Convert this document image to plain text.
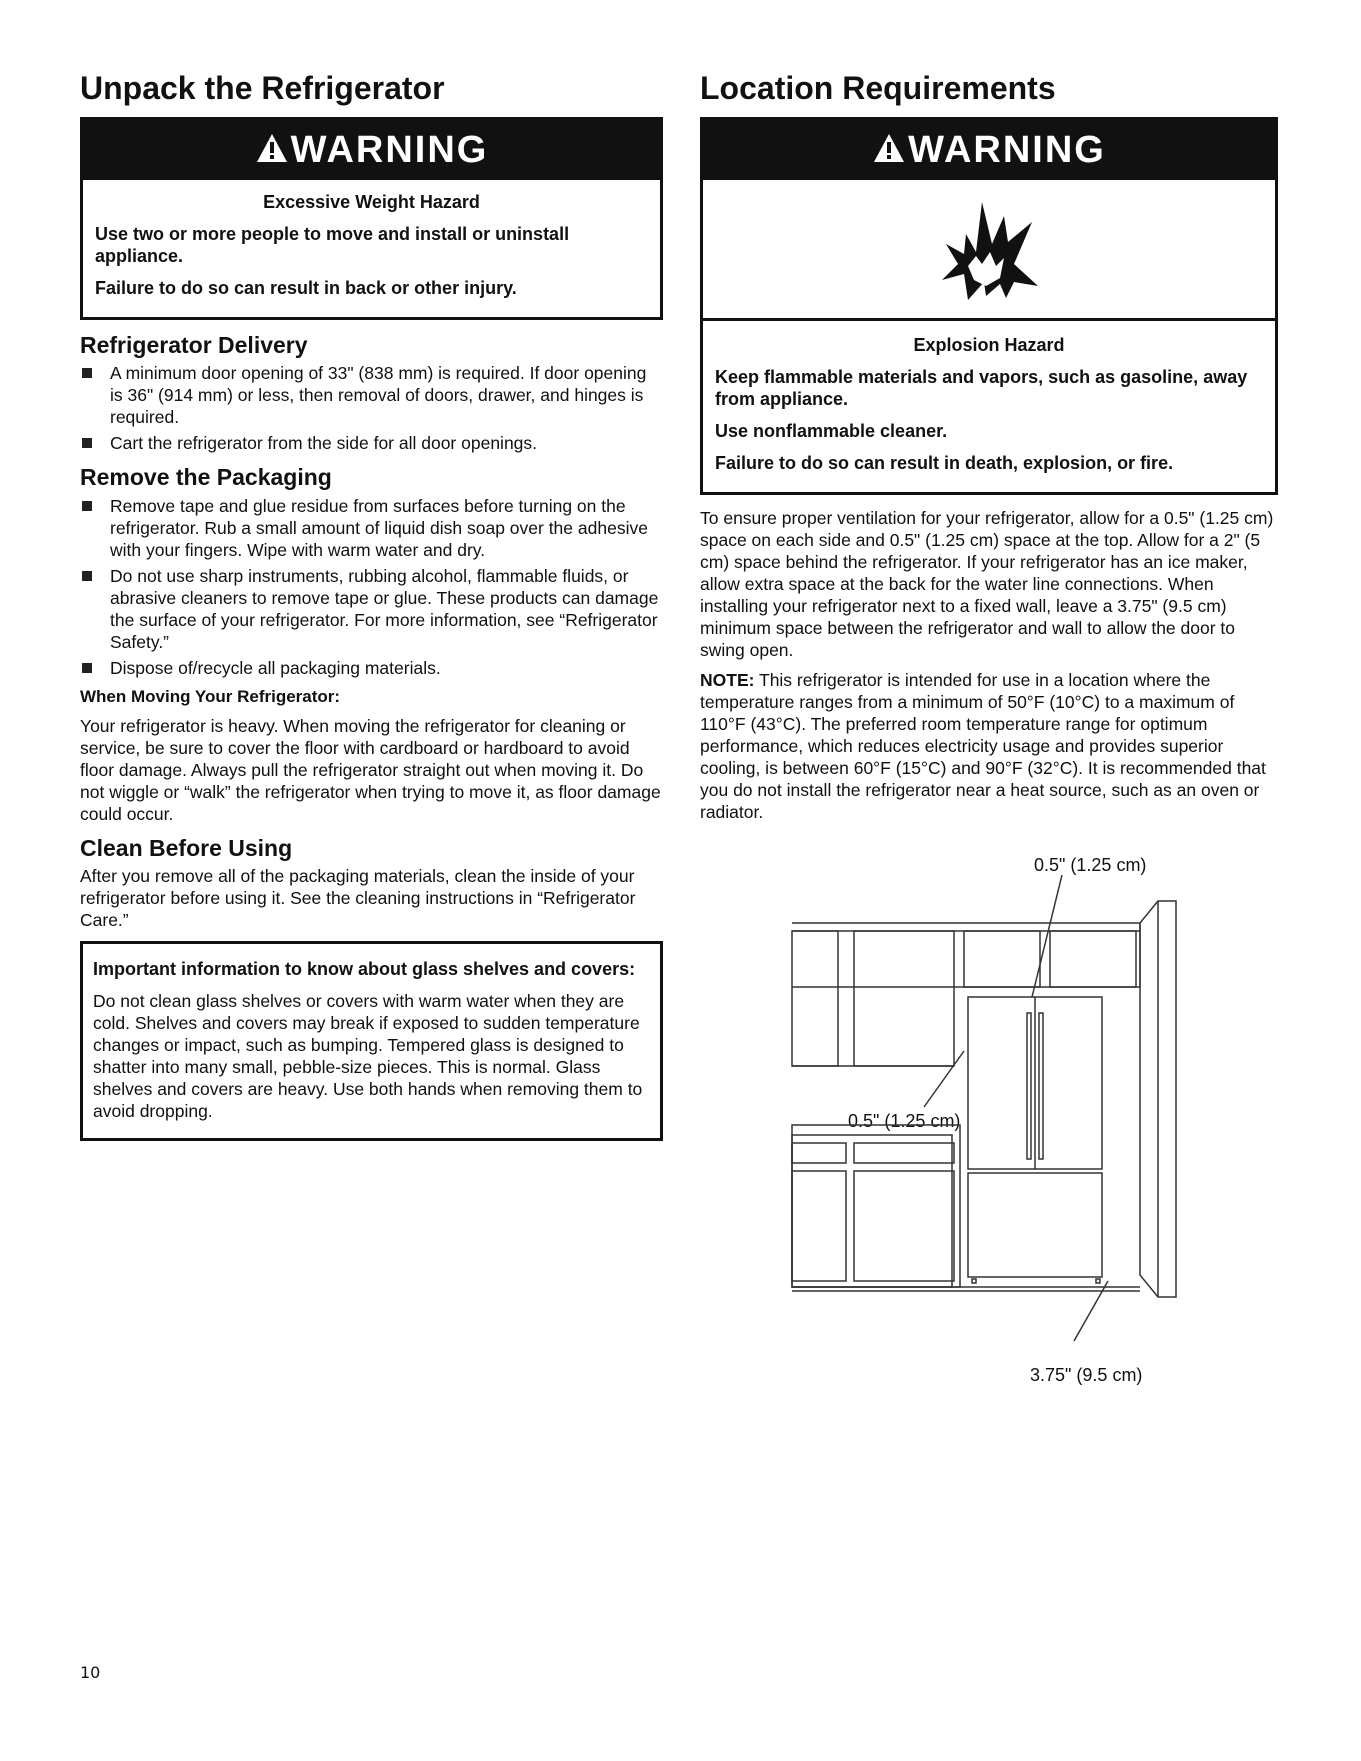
Unpack the Refrigerator
WARNING
Excessive Weight Hazard

Use two or more people to move and install or uninstall appliance.

Failure to do so can result in back or other injury.

Refrigerator Delivery
A minimum door opening of 33" (838 mm) is required. If door opening is 36" (914 mm) or less, then removal of doors, drawer, and hinges is required.
Cart the refrigerator from the side for all door openings.
Remove the Packaging
Remove tape and glue residue from surfaces before turning on the refrigerator. Rub a small amount of liquid dish soap over the adhesive with your fingers. Wipe with warm water and dry.
Do not use sharp instruments, rubbing alcohol, flammable fluids, or abrasive cleaners to remove tape or glue. These products can damage the surface of your refrigerator. For more information, see “Refrigerator Safety.”
Dispose of/recycle all packaging materials.
When Moving Your Refrigerator:

Your refrigerator is heavy. When moving the refrigerator for cleaning or service, be sure to cover the floor with cardboard or hardboard to avoid floor damage. Always pull the refrigerator straight out when moving it. Do not wiggle or “walk” the refrigerator when trying to move it, as floor damage could occur.

Clean Before Using

After you remove all of the packaging materials, clean the inside of your refrigerator before using it. See the cleaning instructions in “Refrigerator Care.”

Important information to know about glass shelves and covers:

Do not clean glass shelves or covers with warm water when they are cold. Shelves and covers may break if exposed to sudden temperature changes or impact, such as bumping. Tempered glass is designed to shatter into many small, pebble-size pieces. This is normal. Glass shelves and covers are heavy. Use both hands when removing them to avoid dropping.

Location Requirements
WARNING
Explosion Hazard

Keep flammable materials and vapors, such as gasoline, away from appliance.

Use nonflammable cleaner.

Failure to do so can result in death, explosion, or fire.

To ensure proper ventilation for your refrigerator, allow for a 0.5" (1.25 cm) space on each side and 0.5" (1.25 cm) space at the top. Allow for a 2" (5 cm) space behind the refrigerator. If your refrigerator has an ice maker, allow extra space at the back for the water line connections. When installing your refrigerator next to a fixed wall, leave a 3.75" (9.5 cm) minimum space between the refrigerator and wall to allow the door to swing open.

NOTE: This refrigerator is intended for use in a location where the temperature ranges from a minimum of 50°F (10°C) to a maximum of 110°F (43°C). The preferred room temperature range for optimum performance, which reduces electricity usage and provides superior cooling, is between 60°F (15°C) and 90°F (32°C). It is recommended that you do not install the refrigerator near a heat source, such as an oven or radiator.

0.5" (1.25 cm)
0.5" (1.25 cm)
3.75" (9.5 cm)
10
